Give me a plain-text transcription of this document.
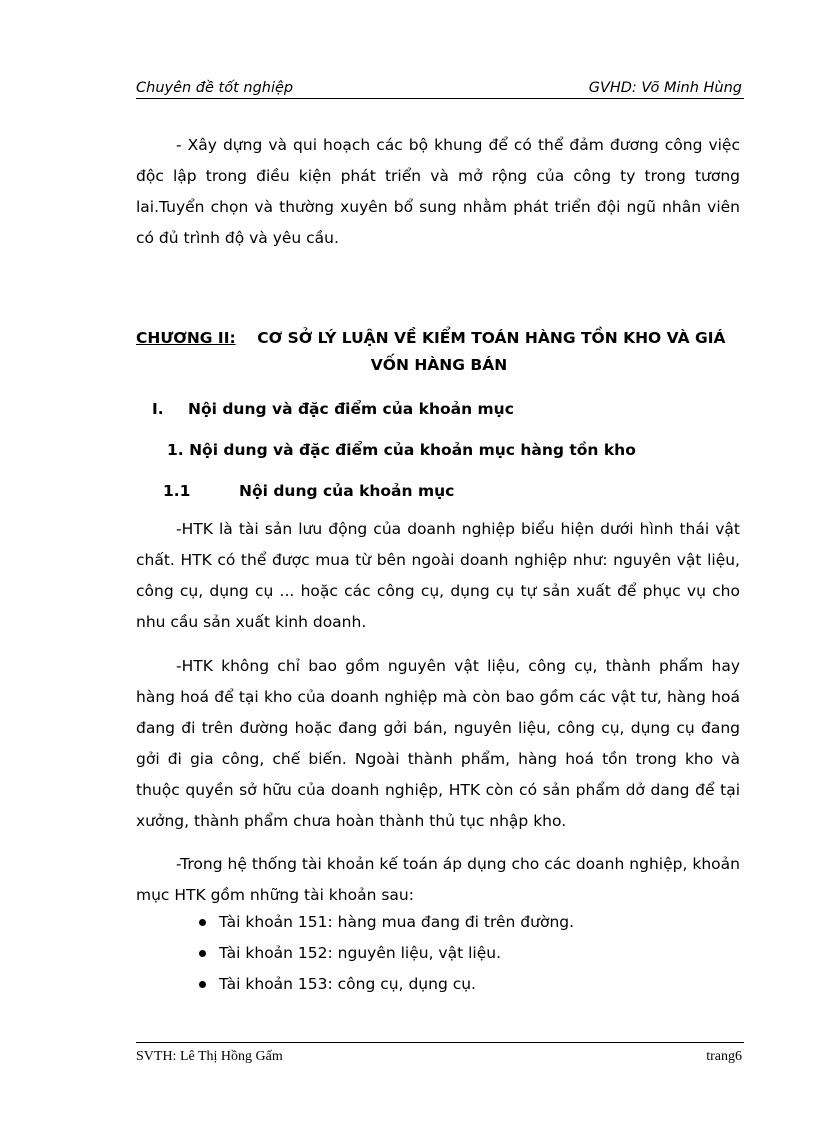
Chuyên đề tốt nghiệp	GVHD: Võ Minh Hùng

- Xây dựng và qui hoạch các bộ khung để có thể đảm đương công việc độc lập trong điều kiện phát triển và mở rộng của công ty trong tương lai.Tuyển chọn và thường xuyên bổ sung nhằm phát triển đội ngũ nhân viên có đủ trình độ và yêu cầu.

CHƯƠNG II: CƠ SỞ LÝ LUẬN VỀ KIỂM TOÁN HÀNG TỒN KHO VÀ GIÁ

VỐN HÀNG BÁN

I. Nội dung và đặc điểm của khoản mục

1. Nội dung và đặc điểm của khoản mục hàng tồn kho

1.1	Nội dung của khoản mục

-HTK là tài sản lưu động của doanh nghiệp biểu hiện dưới hình thái vật chất. HTK có thể được mua từ bên ngoài doanh nghiệp như: nguyên vật liệu, công cụ, dụng cụ ... hoặc các công cụ, dụng cụ tự sản xuất để phục vụ cho nhu cầu sản xuất kinh doanh.

-HTK không chỉ bao gồm nguyên vật liệu, công cụ, thành phẩm hay hàng hoá để tại kho của doanh nghiệp mà còn bao gồm các vật tư, hàng hoá đang đi trên đường hoặc đang gởi bán, nguyên liệu, công cụ, dụng cụ đang gởi đi gia công, chế biến. Ngoài thành phẩm, hàng hoá tồn trong kho và thuộc quyền sở hữu của doanh nghiệp, HTK còn có sản phẩm dở dang để tại xưởng, thành phẩm chưa hoàn thành thủ tục nhập kho.

-Trong hệ thống tài khoản kế toán áp dụng cho các doanh nghiệp, khoản mục HTK gồm những tài khoản sau:

Tài khoản 151: hàng mua đang đi trên đường.
Tài khoản 152: nguyên liệu, vật liệu.
Tài khoản 153: công cụ, dụng cụ.
SVTH: Lê Thị Hồng Gấm	trang6
